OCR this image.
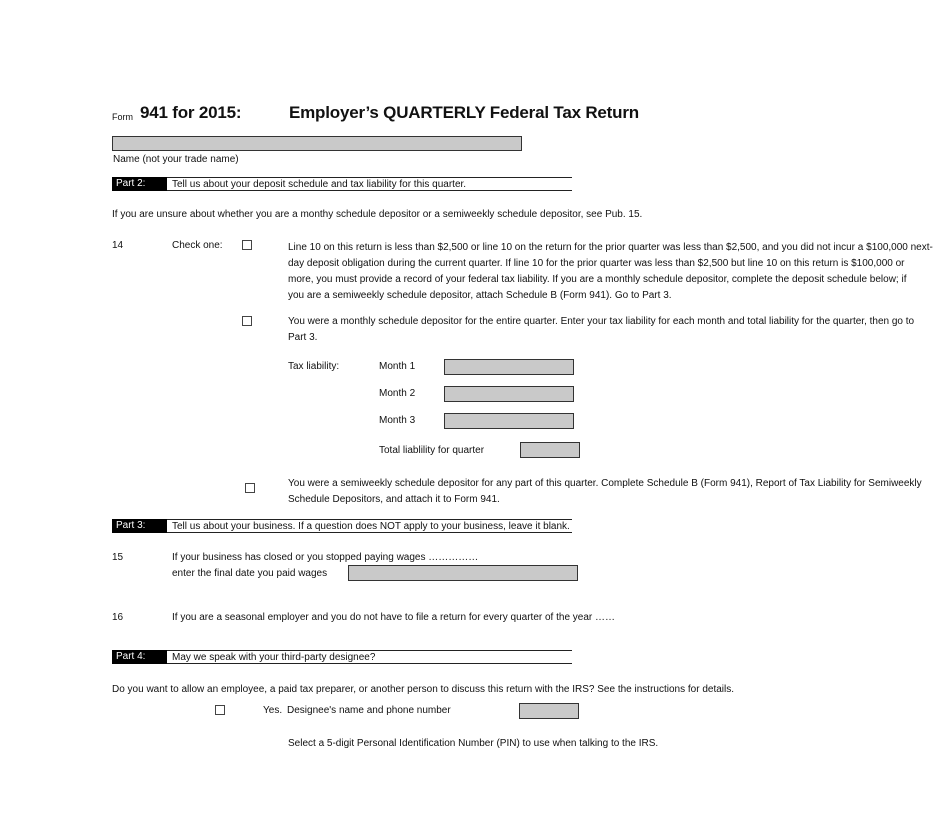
Form 941 for 2015:	Employer’s QUARTERLY Federal Tax Return
Name (not your trade name)
Part 2:	Tell us about your deposit schedule and tax liability for this quarter.
If you are unsure about whether you are a monthy schedule depositor or a semiweekly schedule depositor, see Pub. 15.
14	Check one:	Line 10 on this return is less than $2,500 or line 10 on the return for the prior quarter was less than $2,500, and you did not incur a $100,000 next-
day deposit obligation during the current quarter. If line 10 for the prior quarter was less than $2,500 but line 10 on this return is $100,000 or
more, you must provide a record of your federal tax liability. If you are a monthly schedule depositor, complete the deposit schedule below; if
you are a semiweekly schedule depositor, attach Schedule B (Form 941). Go to Part 3.
You were a monthly schedule depositor for the entire quarter. Enter your tax liability for each month and total liability for the quarter, then go to
Part 3.
Tax liability:	Month 1
Month 2
Month 3
Total liablility for quarter
You were a semiweekly schedule depositor for any part of this quarter. Complete Schedule B (Form 941), Report of Tax Liability for Semiweekly
Schedule Depositors, and attach it to Form 941.
Part 3:	Tell us about your business. If a question does NOT apply to your business, leave it blank.
15	If your business has closed or you stopped paying wages ……………
enter the final date you paid wages
16	If you are a seasonal employer and you do not have to file a return for every quarter of the year ……
Part 4:	May we speak with your third-party designee?
Do you want to allow an employee, a paid tax preparer, or another person to discuss this return with the IRS? See the instructions for details.
Yes. Designee's name and phone number
Select a 5-digit Personal Identification Number (PIN) to use when talking to the IRS.
